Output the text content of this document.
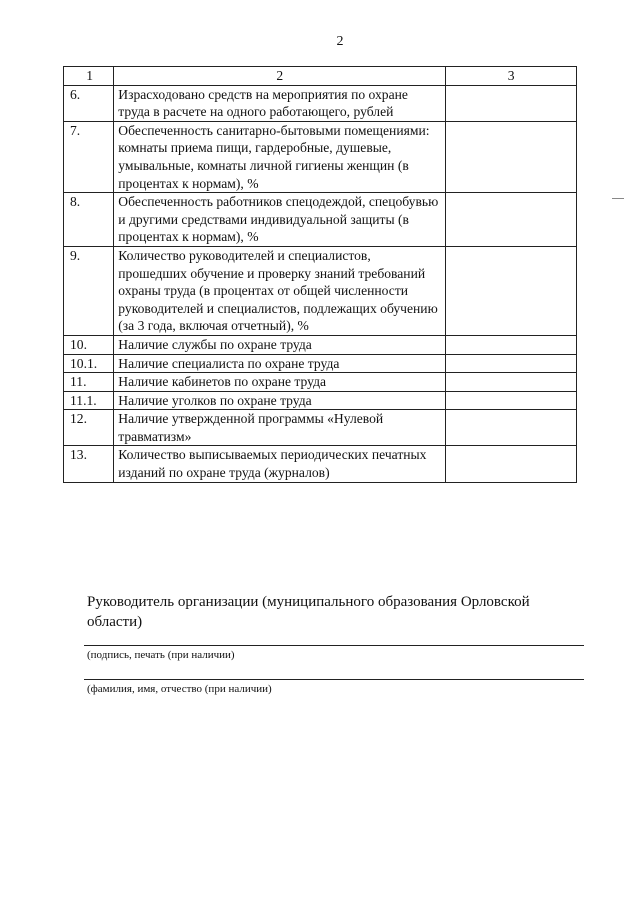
2
1	2	3
6.	Израсходовано средств на мероприятия по охране труда в расчете на одного работающего, рублей	
7.	Обеспеченность санитарно-бытовыми помещениями: комнаты приема пищи, гардеробные, душевые, умывальные, комнаты личной гигиены женщин (в процентах к нормам), %	
8.	Обеспеченность работников спецодеждой, спецобувью и другими средствами индивидуальной защиты (в процентах к нормам), %	
9.	Количество руководителей и специалистов, прошедших обучение и проверку знаний требований охраны труда (в процентах от общей численности руководителей и специалистов, подлежащих обучению (за 3 года, включая отчетный), %	
10.	Наличие службы по охране труда	
10.1.	Наличие специалиста по охране труда	
11.	Наличие кабинетов по охране труда	
11.1.	Наличие уголков по охране труда	
12.	Наличие утвержденной программы «Нулевой травматизм»	
13.	Количество выписываемых периодических печатных изданий по охране труда (журналов)	
Руководитель организации (муниципального образования Орловской области)
(подпись, печать (при наличии)
(фамилия, имя, отчество (при наличии)
